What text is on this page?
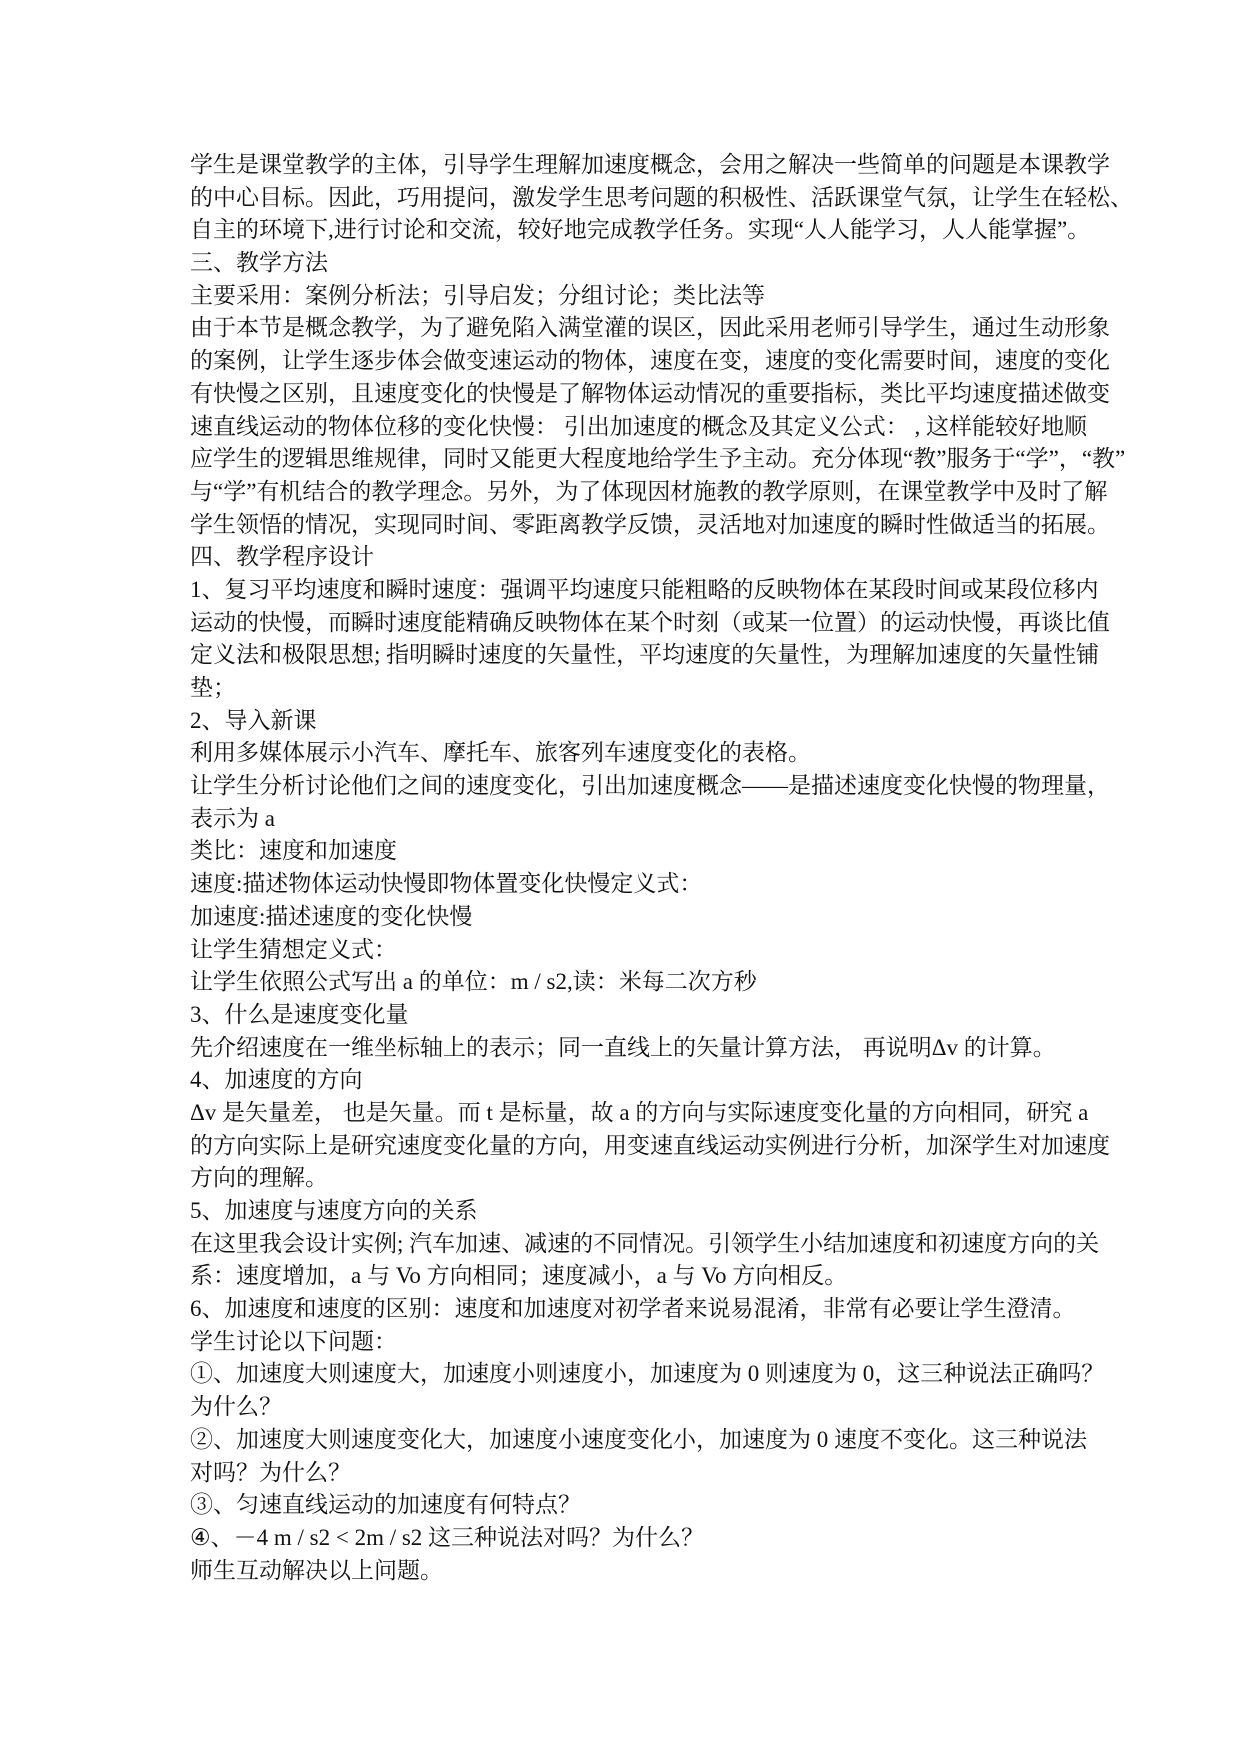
学生是课堂教学的主体，引导学生理解加速度概念，会用之解决一些简单的问题是本课教学
的中心目标。因此，巧用提问，激发学生思考问题的积极性、活跃课堂气氛，让学生在轻松、
自主的环境下,进行讨论和交流，较好地完成教学任务。实现“人人能学习，人人能掌握”。
三、教学方法
主要采用：案例分析法；引导启发；分组讨论；类比法等
由于本节是概念教学，为了避免陷入满堂灌的误区，因此采用老师引导学生，通过生动形象
的案例，让学生逐步体会做变速运动的物体，速度在变，速度的变化需要时间，速度的变化
有快慢之区别，且速度变化的快慢是了解物体运动情况的重要指标，类比平均速度描述做变
速直线运动的物体位移的变化快慢： 引出加速度的概念及其定义公式： , 这样能较好地顺
应学生的逻辑思维规律，同时又能更大程度地给学生予主动。充分体现“教”服务于“学”，“教”
与“学”有机结合的教学理念。另外，为了体现因材施教的教学原则，在课堂教学中及时了解
学生领悟的情况，实现同时间、零距离教学反馈，灵活地对加速度的瞬时性做适当的拓展。
四、教学程序设计
1、复习平均速度和瞬时速度：强调平均速度只能粗略的反映物体在某段时间或某段位移内
运动的快慢，而瞬时速度能精确反映物体在某个时刻（或某一位置）的运动快慢，再谈比值
定义法和极限思想; 指明瞬时速度的矢量性，平均速度的矢量性，为理解加速度的矢量性铺
垫；
2、导入新课
利用多媒体展示小汽车、摩托车、旅客列车速度变化的表格。
让学生分析讨论他们之间的速度变化，引出加速度概念——是描述速度变化快慢的物理量，
表示为 a
类比：速度和加速度
速度:描述物体运动快慢即物体置变化快慢定义式：
加速度:描述速度的变化快慢
让学生猜想定义式：
让学生依照公式写出 a 的单位：m / s2,读：米每二次方秒
3、什么是速度变化量
先介绍速度在一维坐标轴上的表示；同一直线上的矢量计算方法， 再说明Δv 的计算。
4、加速度的方向
Δv 是矢量差， 也是矢量。而 t 是标量，故 a 的方向与实际速度变化量的方向相同，研究 a
的方向实际上是研究速度变化量的方向，用变速直线运动实例进行分析，加深学生对加速度
方向的理解。
5、加速度与速度方向的关系
在这里我会设计实例; 汽车加速、减速的不同情况。引领学生小结加速度和初速度方向的关
系：速度增加，a 与 Vo 方向相同；速度减小，a 与 Vo 方向相反。
6、加速度和速度的区别：速度和加速度对初学者来说易混淆，非常有必要让学生澄清。
学生讨论以下问题：
①、加速度大则速度大，加速度小则速度小，加速度为 0 则速度为 0，这三种说法正确吗？
为什么？
②、加速度大则速度变化大，加速度小速度变化小，加速度为 0 速度不变化。这三种说法
对吗？为什么？
③、匀速直线运动的加速度有何特点？
④、－4 m / s2 < 2m / s2 这三种说法对吗？为什么？
师生互动解决以上问题。
